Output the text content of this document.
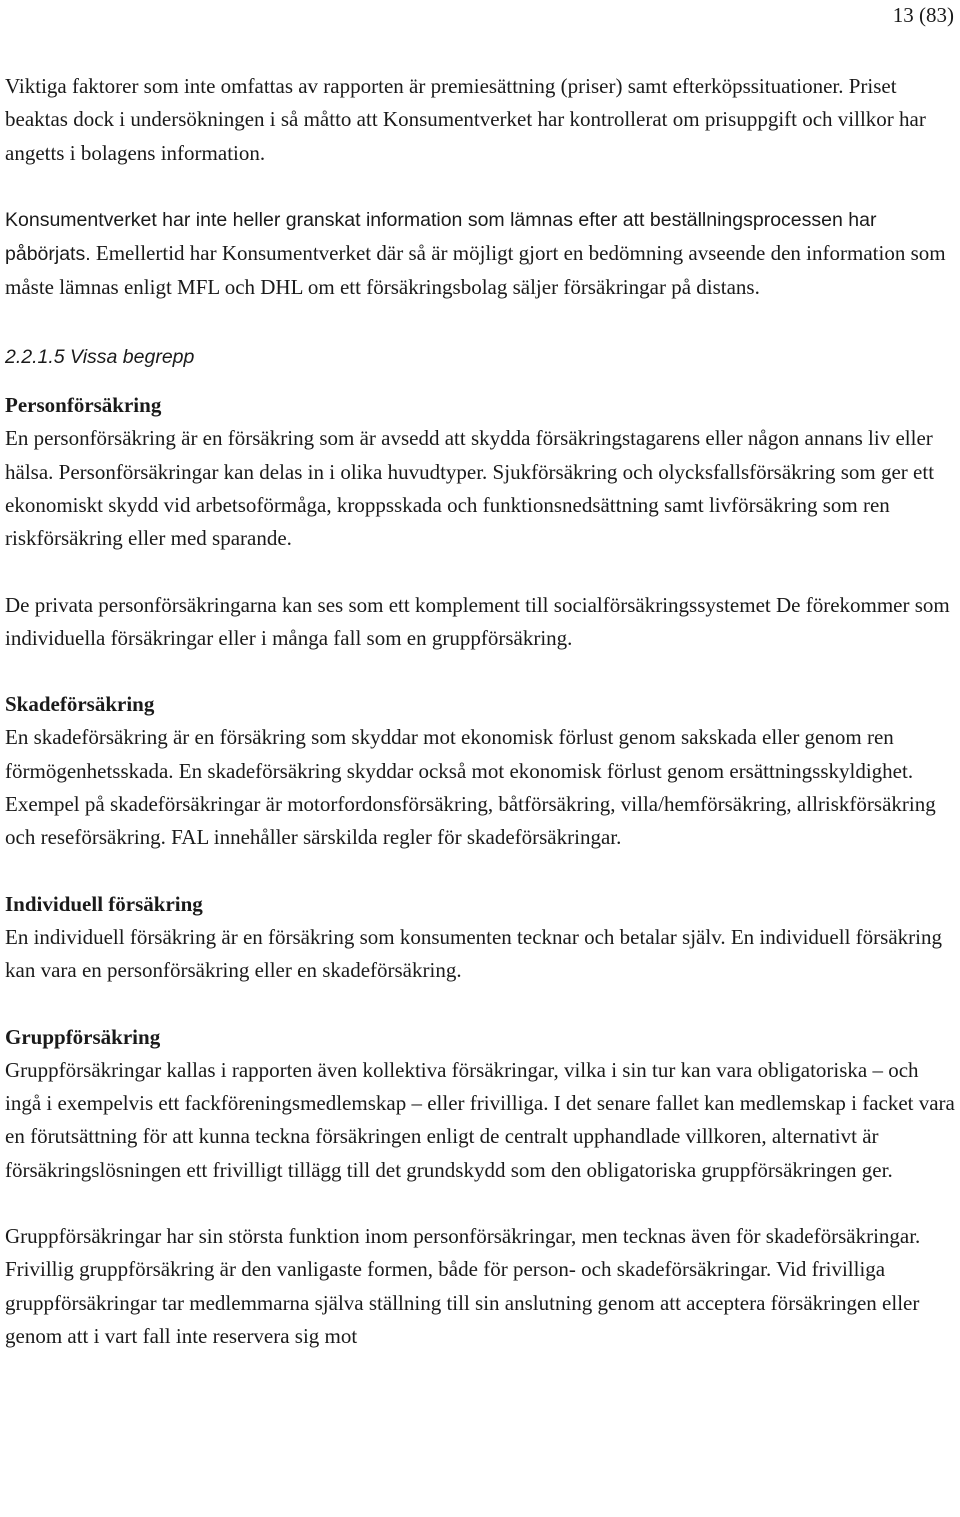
13 (83)

Viktiga faktorer som inte omfattas av rapporten är premiesättning (priser) samt efterköpssituationer. Priset beaktas dock i undersökningen i så måtto att Konsumentverket har kontrollerat om prisuppgift och villkor har angetts i bolagens information.

Konsumentverket har inte heller granskat information som lämnas efter att beställningsprocessen har påbörjats. Emellertid har Konsumentverket där så är möjligt gjort en bedömning avseende den information som måste lämnas enligt MFL och DHL om ett försäkringsbolag säljer försäkringar på distans.

2.2.1.5 Vissa begrepp

Personförsäkring

En personförsäkring är en försäkring som är avsedd att skydda försäkringstagarens eller någon annans liv eller hälsa. Personförsäkringar kan delas in i olika huvudtyper. Sjukförsäkring och olycksfallsförsäkring som ger ett ekonomiskt skydd vid arbetsoförmåga, kroppsskada och funktionsnedsättning samt livförsäkring som ren riskförsäkring eller med sparande.

De privata personförsäkringarna kan ses som ett komplement till socialförsäkringssystemet De förekommer som individuella försäkringar eller i många fall som en gruppförsäkring.

Skadeförsäkring

En skadeförsäkring är en försäkring som skyddar mot ekonomisk förlust genom sakskada eller genom ren förmögenhetsskada. En skadeförsäkring skyddar också mot ekonomisk förlust genom ersättningsskyldighet. Exempel på skadeförsäkringar är motorfordonsförsäkring, båtförsäkring, villa/hemförsäkring, allriskförsäkring och reseförsäkring. FAL innehåller särskilda regler för skadeförsäkringar.

Individuell försäkring

En individuell försäkring är en försäkring som konsumenten tecknar och betalar själv. En individuell försäkring kan vara en personförsäkring eller en skadeförsäkring.

Gruppförsäkring

Gruppförsäkringar kallas i rapporten även kollektiva försäkringar, vilka i sin tur kan vara obligatoriska – och ingå i exempelvis ett fackföreningsmedlemskap – eller frivilliga. I det senare fallet kan medlemskap i facket vara en förutsättning för att kunna teckna försäkringen enligt de centralt upphandlade villkoren, alternativt är försäkringslösningen ett frivilligt tillägg till det grundskydd som den obligatoriska gruppförsäkringen ger.

Gruppförsäkringar har sin största funktion inom personförsäkringar, men tecknas även för skadeförsäkringar. Frivillig gruppförsäkring är den vanligaste formen, både för person- och skadeförsäkringar. Vid frivilliga gruppförsäkringar tar medlemmarna själva ställning till sin anslutning genom att acceptera försäkringen eller genom att i vart fall inte reservera sig mot
